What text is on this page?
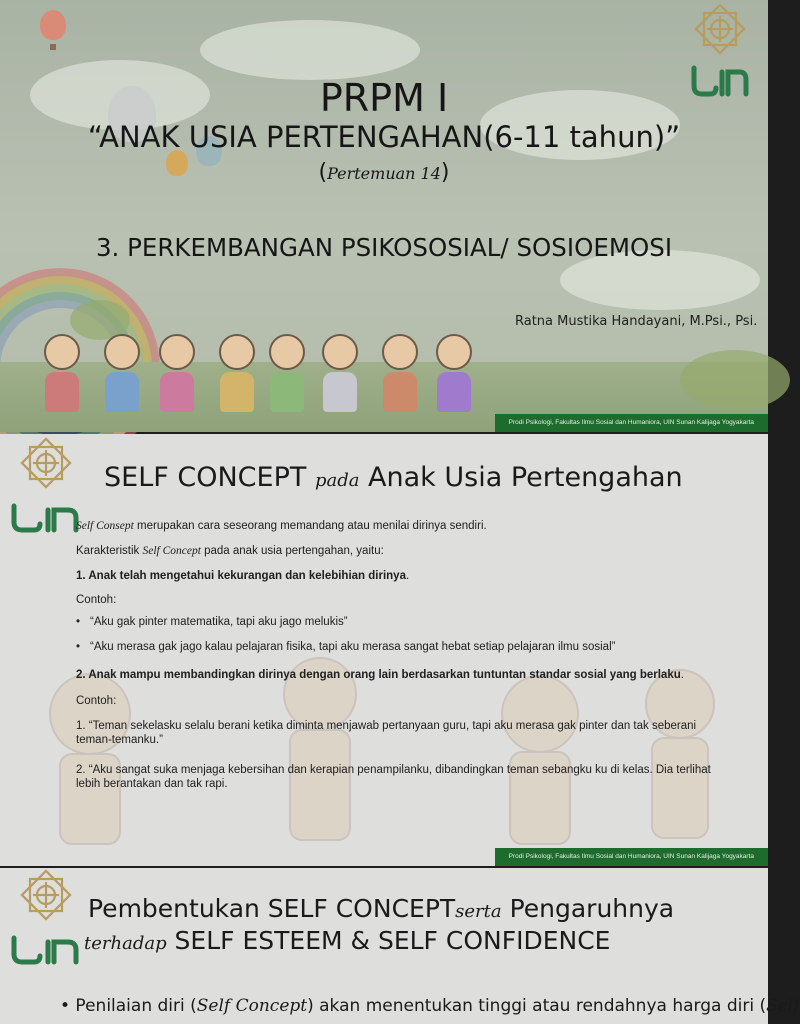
PRPM I
“ANAK USIA PERTENGAHAN(6-11 tahun)”
(Pertemuan 14)
3. PERKEMBANGAN PSIKOSOSIAL/ SOSIOEMOSI
Ratna Mustika Handayani, M.Psi., Psi.
Prodi Psikologi, Fakultas Ilmu Sosial dan Humaniora, UIN Sunan Kalijaga Yogyakarta
SELF CONCEPT pada Anak Usia Pertengahan
Self Consept merupakan cara seseorang memandang atau menilai dirinya sendiri.
Karakteristik Self Concept pada anak usia pertengahan, yaitu:
1. Anak telah mengetahui kekurangan dan kelebihian dirinya.
Contoh:
• “Aku gak pinter matematika, tapi aku jago melukis”
• “Aku merasa gak jago kalau pelajaran fisika, tapi aku merasa sangat hebat setiap pelajaran ilmu sosial”
2. Anak mampu membandingkan dirinya dengan orang lain berdasarkan tuntuntan standar sosial yang berlaku.
Contoh:
1. “Teman sekelasku selalu berani ketika diminta menjawab pertanyaan guru, tapi aku merasa gak pinter dan tak seberani teman-temanku.”
2. “Aku sangat suka menjaga kebersihan dan kerapian penampilanku, dibandingkan teman sebangku ku di kelas. Dia terlihat lebih berantakan dan tak rapi.
Prodi Psikologi, Fakultas Ilmu Sosial dan Humaniora, UIN Sunan Kalijaga Yogyakarta
Pembentukan SELF CONCEPTserta Pengaruhnya
terhadap SELF ESTEEM & SELF CONFIDENCE
• Penilaian diri (Self Concept) akan menentukan tinggi atau rendahnya harga diri (Self
